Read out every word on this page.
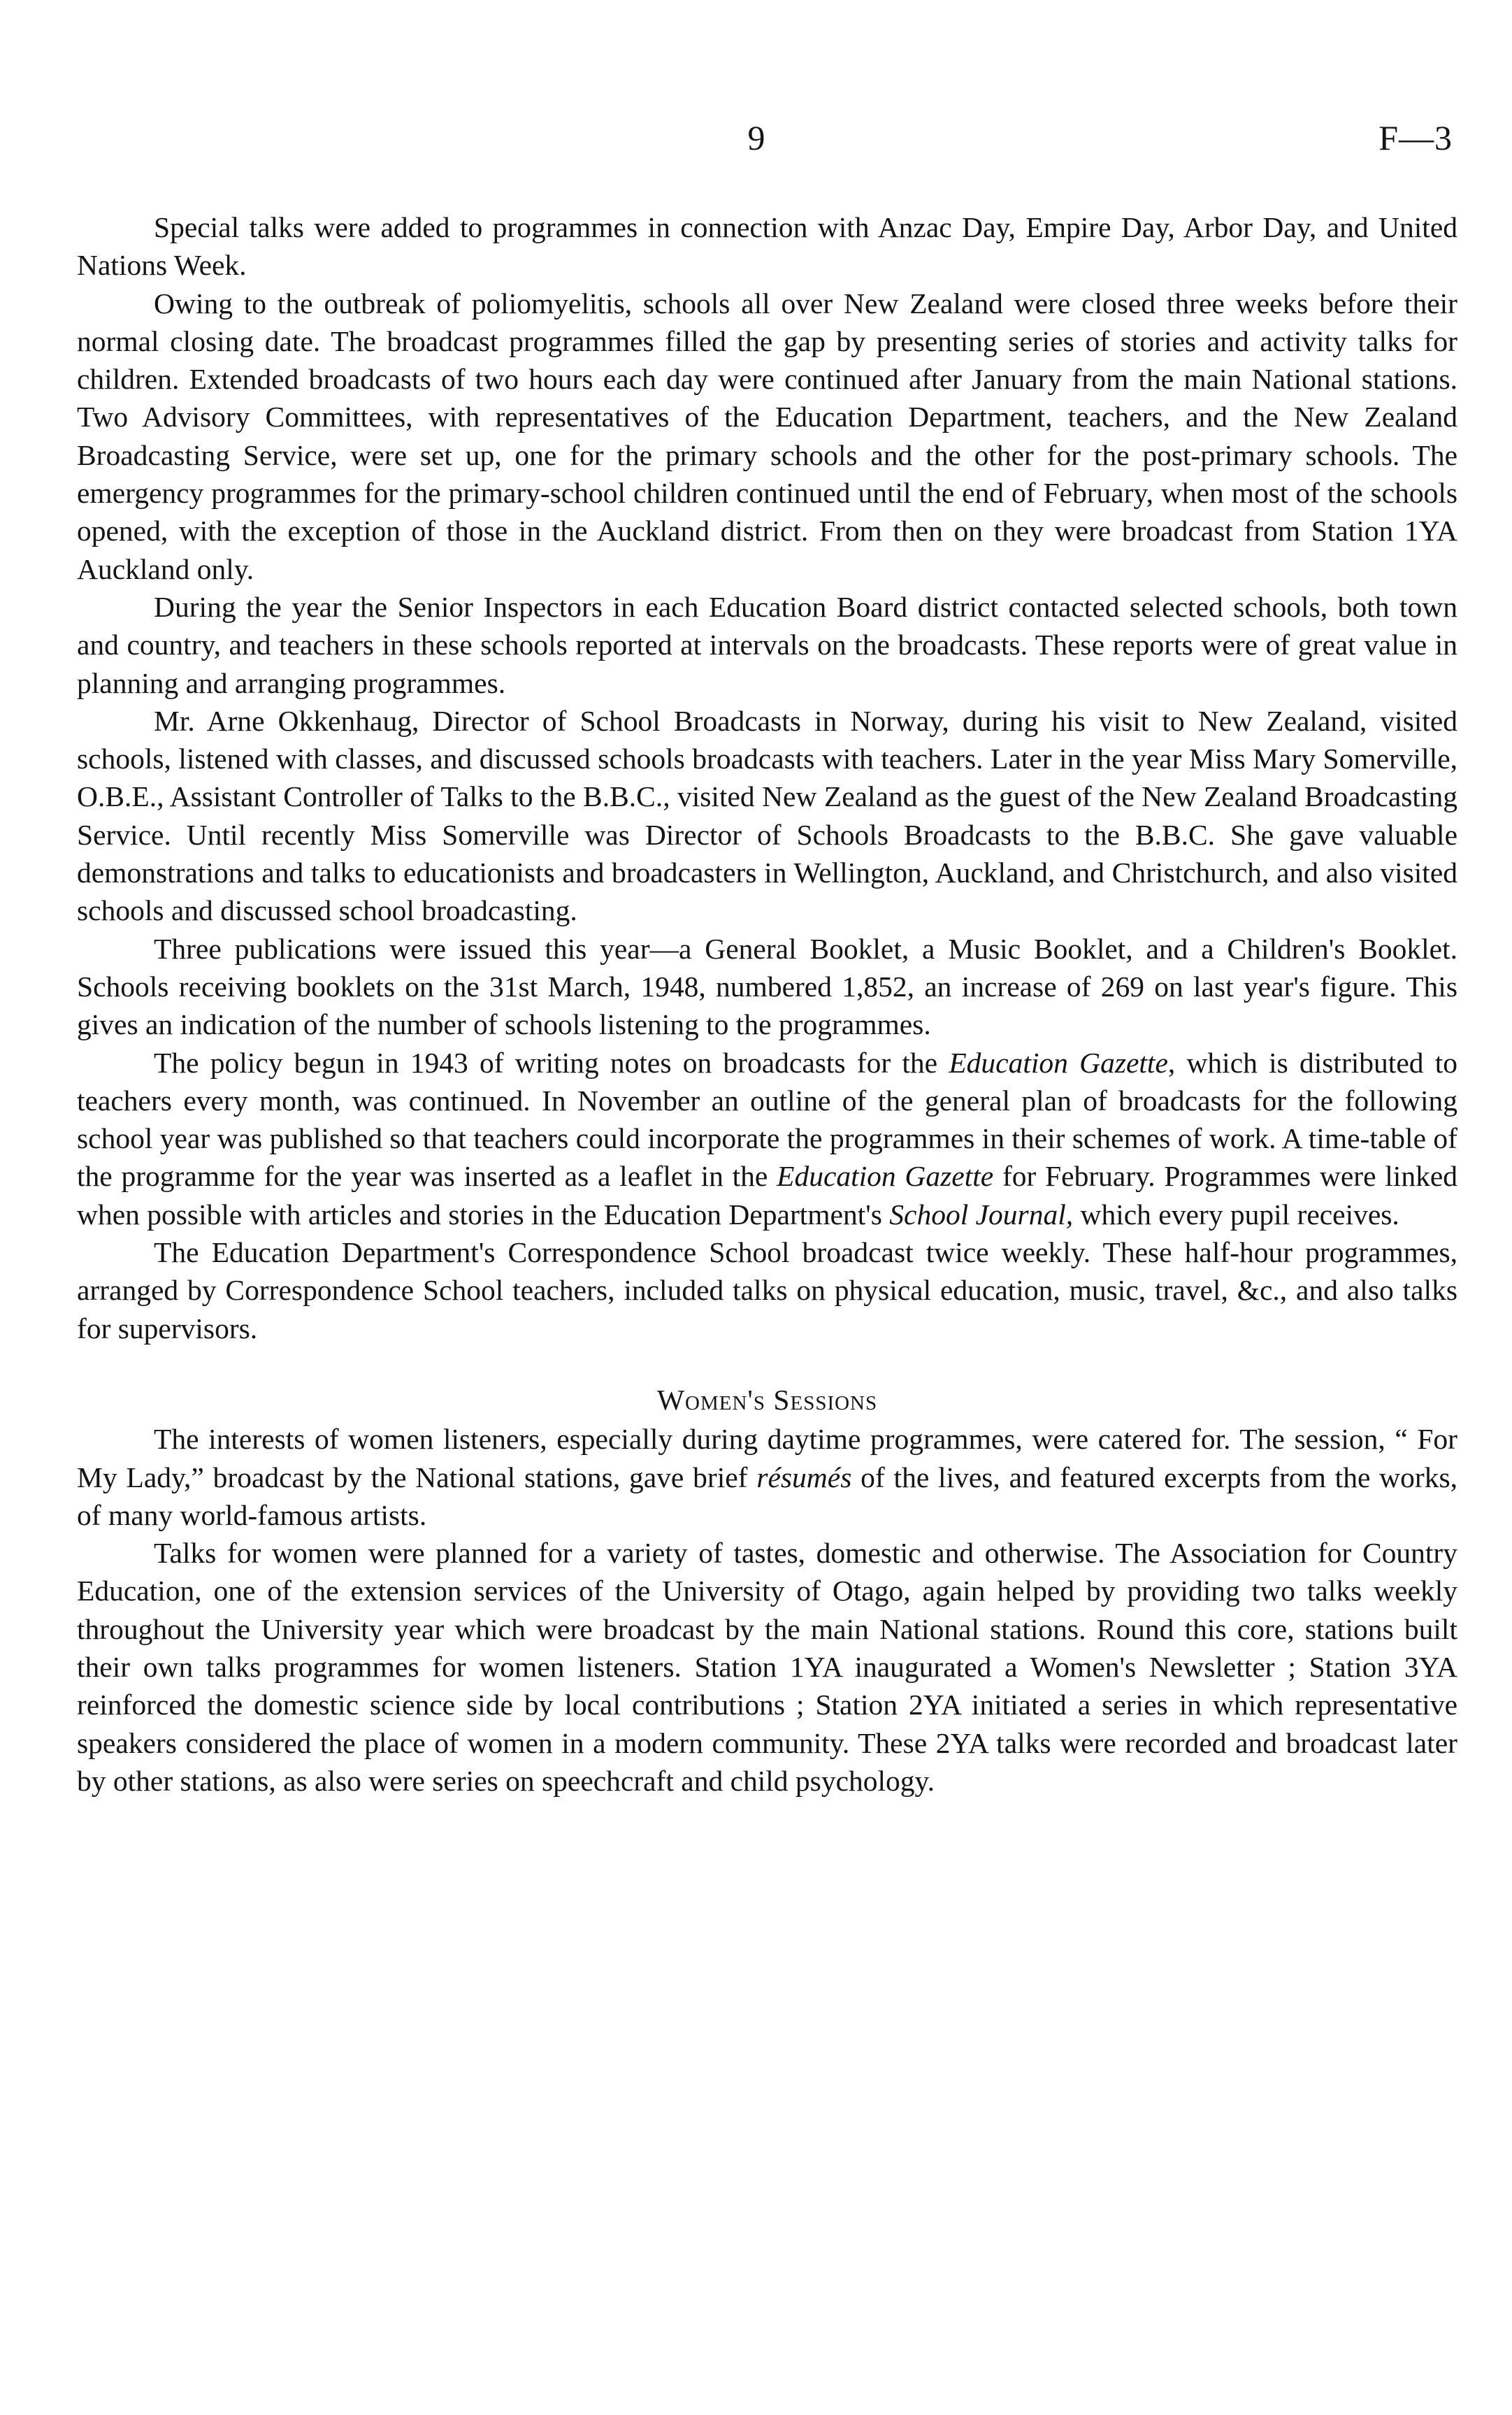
9	F—3

Special talks were added to programmes in connection with Anzac Day, Empire Day, Arbor Day, and United Nations Week.

Owing to the outbreak of poliomyelitis, schools all over New Zealand were closed three weeks before their normal closing date. The broadcast programmes filled the gap by presenting series of stories and activity talks for children. Extended broadcasts of two hours each day were continued after January from the main National stations. Two Advisory Committees, with representatives of the Education Department, teachers, and the New Zealand Broadcasting Service, were set up, one for the primary schools and the other for the post-primary schools. The emergency programmes for the primary-school children continued until the end of February, when most of the schools opened, with the exception of those in the Auckland district. From then on they were broadcast from Station 1YA Auckland only.

During the year the Senior Inspectors in each Education Board district contacted selected schools, both town and country, and teachers in these schools reported at intervals on the broadcasts. These reports were of great value in planning and arranging programmes.

Mr. Arne Okkenhaug, Director of School Broadcasts in Norway, during his visit to New Zealand, visited schools, listened with classes, and discussed schools broadcasts with teachers. Later in the year Miss Mary Somerville, O.B.E., Assistant Controller of Talks to the B.B.C., visited New Zealand as the guest of the New Zealand Broadcasting Service. Until recently Miss Somerville was Director of Schools Broadcasts to the B.B.C. She gave valuable demonstrations and talks to educationists and broadcasters in Wellington, Auckland, and Christchurch, and also visited schools and discussed school broadcasting.

Three publications were issued this year—a General Booklet, a Music Booklet, and a Children's Booklet. Schools receiving booklets on the 31st March, 1948, numbered 1,852, an increase of 269 on last year's figure. This gives an indication of the number of schools listening to the programmes.

The policy begun in 1943 of writing notes on broadcasts for the Education Gazette, which is distributed to teachers every month, was continued. In November an outline of the general plan of broadcasts for the following school year was published so that teachers could incorporate the programmes in their schemes of work. A time-table of the programme for the year was inserted as a leaflet in the Education Gazette for February. Programmes were linked when possible with articles and stories in the Education Department's School Journal, which every pupil receives.

The Education Department's Correspondence School broadcast twice weekly. These half-hour programmes, arranged by Correspondence School teachers, included talks on physical education, music, travel, &c., and also talks for supervisors.

Women's Sessions

The interests of women listeners, especially during daytime programmes, were catered for. The session, “ For My Lady,” broadcast by the National stations, gave brief résumés of the lives, and featured excerpts from the works, of many world-famous artists.

Talks for women were planned for a variety of tastes, domestic and otherwise. The Association for Country Education, one of the extension services of the University of Otago, again helped by providing two talks weekly throughout the University year which were broadcast by the main National stations. Round this core, stations built their own talks programmes for women listeners. Station 1YA inaugurated a Women's Newsletter ; Station 3YA reinforced the domestic science side by local contributions ; Station 2YA initiated a series in which representative speakers considered the place of women in a modern community. These 2YA talks were recorded and broadcast later by other stations, as also were series on speechcraft and child psychology.
